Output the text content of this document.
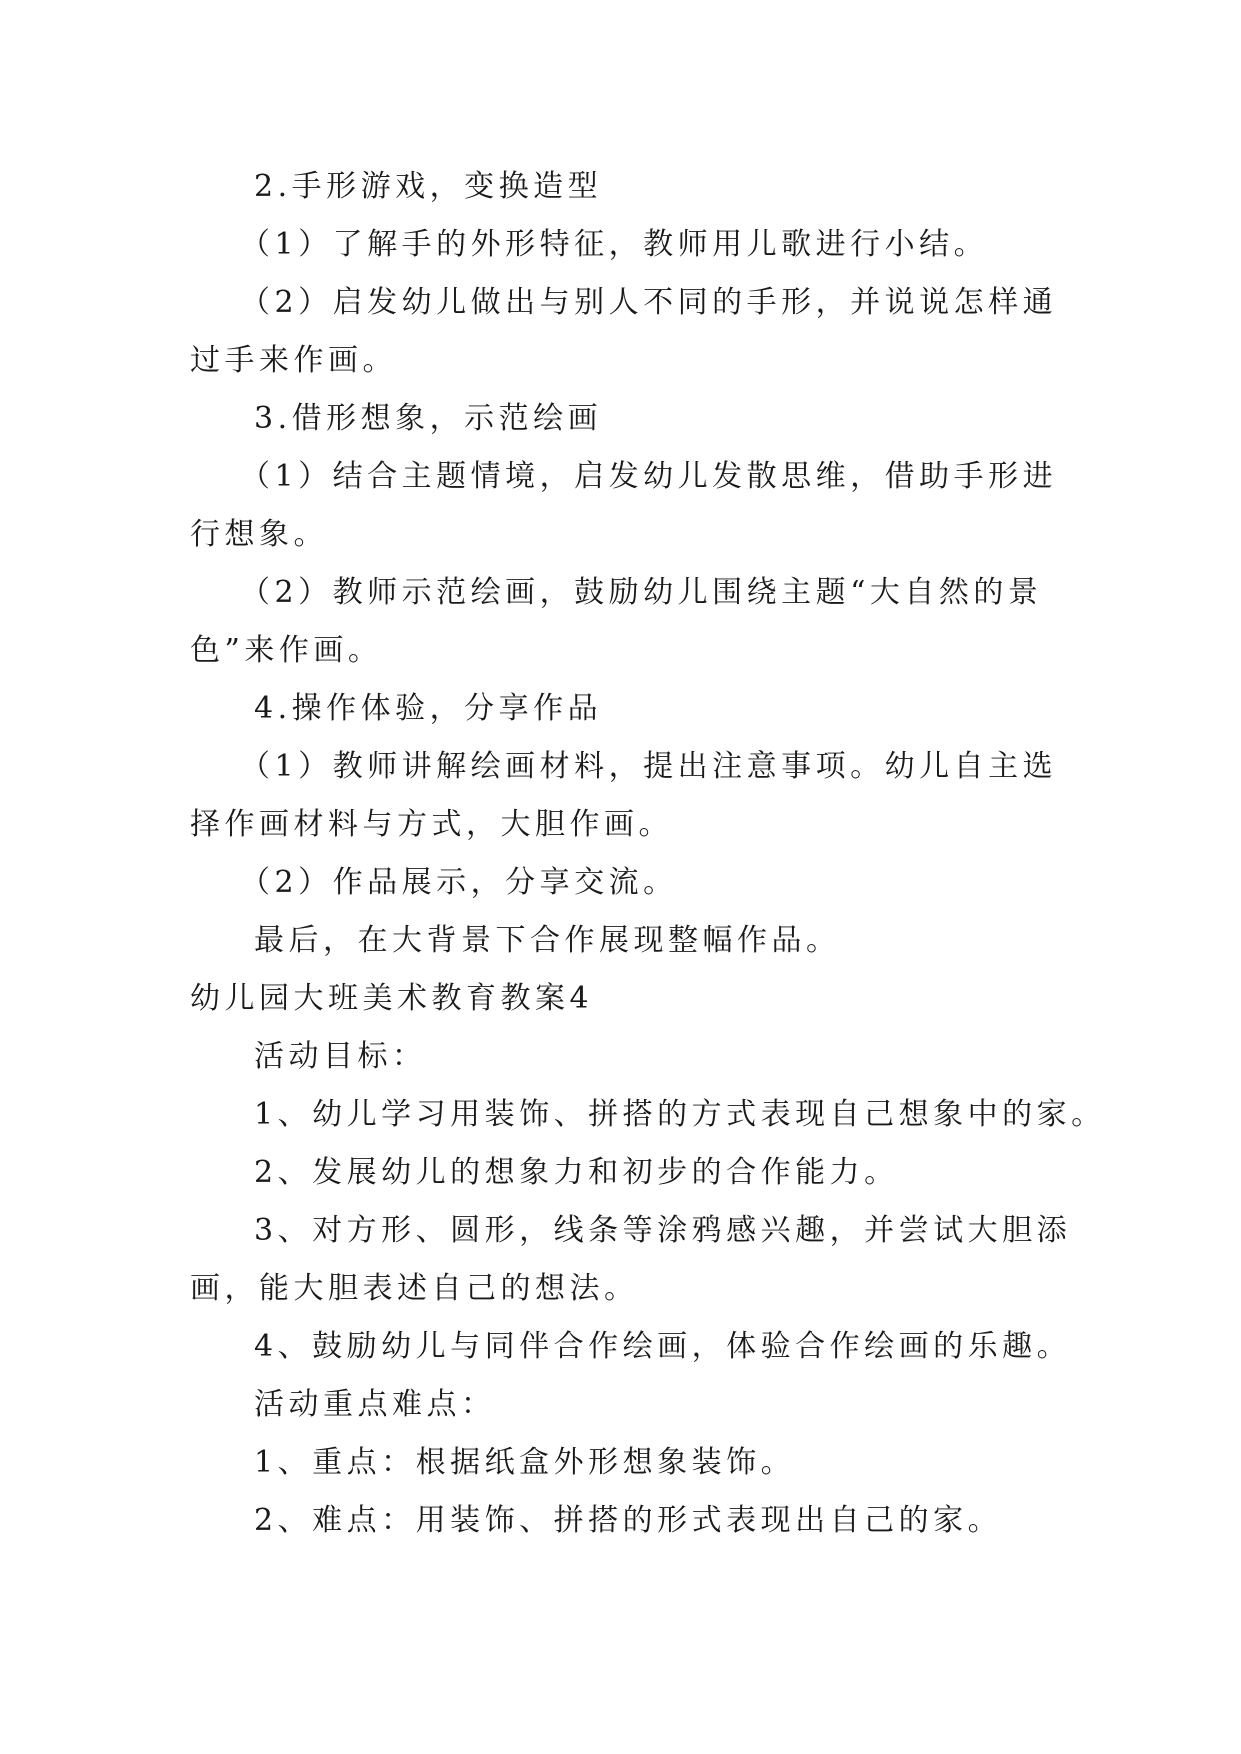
2.手形游戏，变换造型
（1）了解手的外形特征，教师用儿歌进行小结。
（2）启发幼儿做出与别人不同的手形，并说说怎样通
过手来作画。
3.借形想象，示范绘画
（1）结合主题情境，启发幼儿发散思维，借助手形进
行想象。
（2）教师示范绘画，鼓励幼儿围绕主题“大自然的景
色”来作画。
4.操作体验，分享作品
（1）教师讲解绘画材料，提出注意事项。幼儿自主选
择作画材料与方式，大胆作画。
（2）作品展示，分享交流。
最后，在大背景下合作展现整幅作品。
幼儿园大班美术教育教案4
活动目标：
1、幼儿学习用装饰、拼搭的方式表现自己想象中的家。
2、发展幼儿的想象力和初步的合作能力。
3、对方形、圆形，线条等涂鸦感兴趣，并尝试大胆添
画，能大胆表述自己的想法。
4、鼓励幼儿与同伴合作绘画，体验合作绘画的乐趣。
活动重点难点：
1、重点：根据纸盒外形想象装饰。
2、难点：用装饰、拼搭的形式表现出自己的家。
